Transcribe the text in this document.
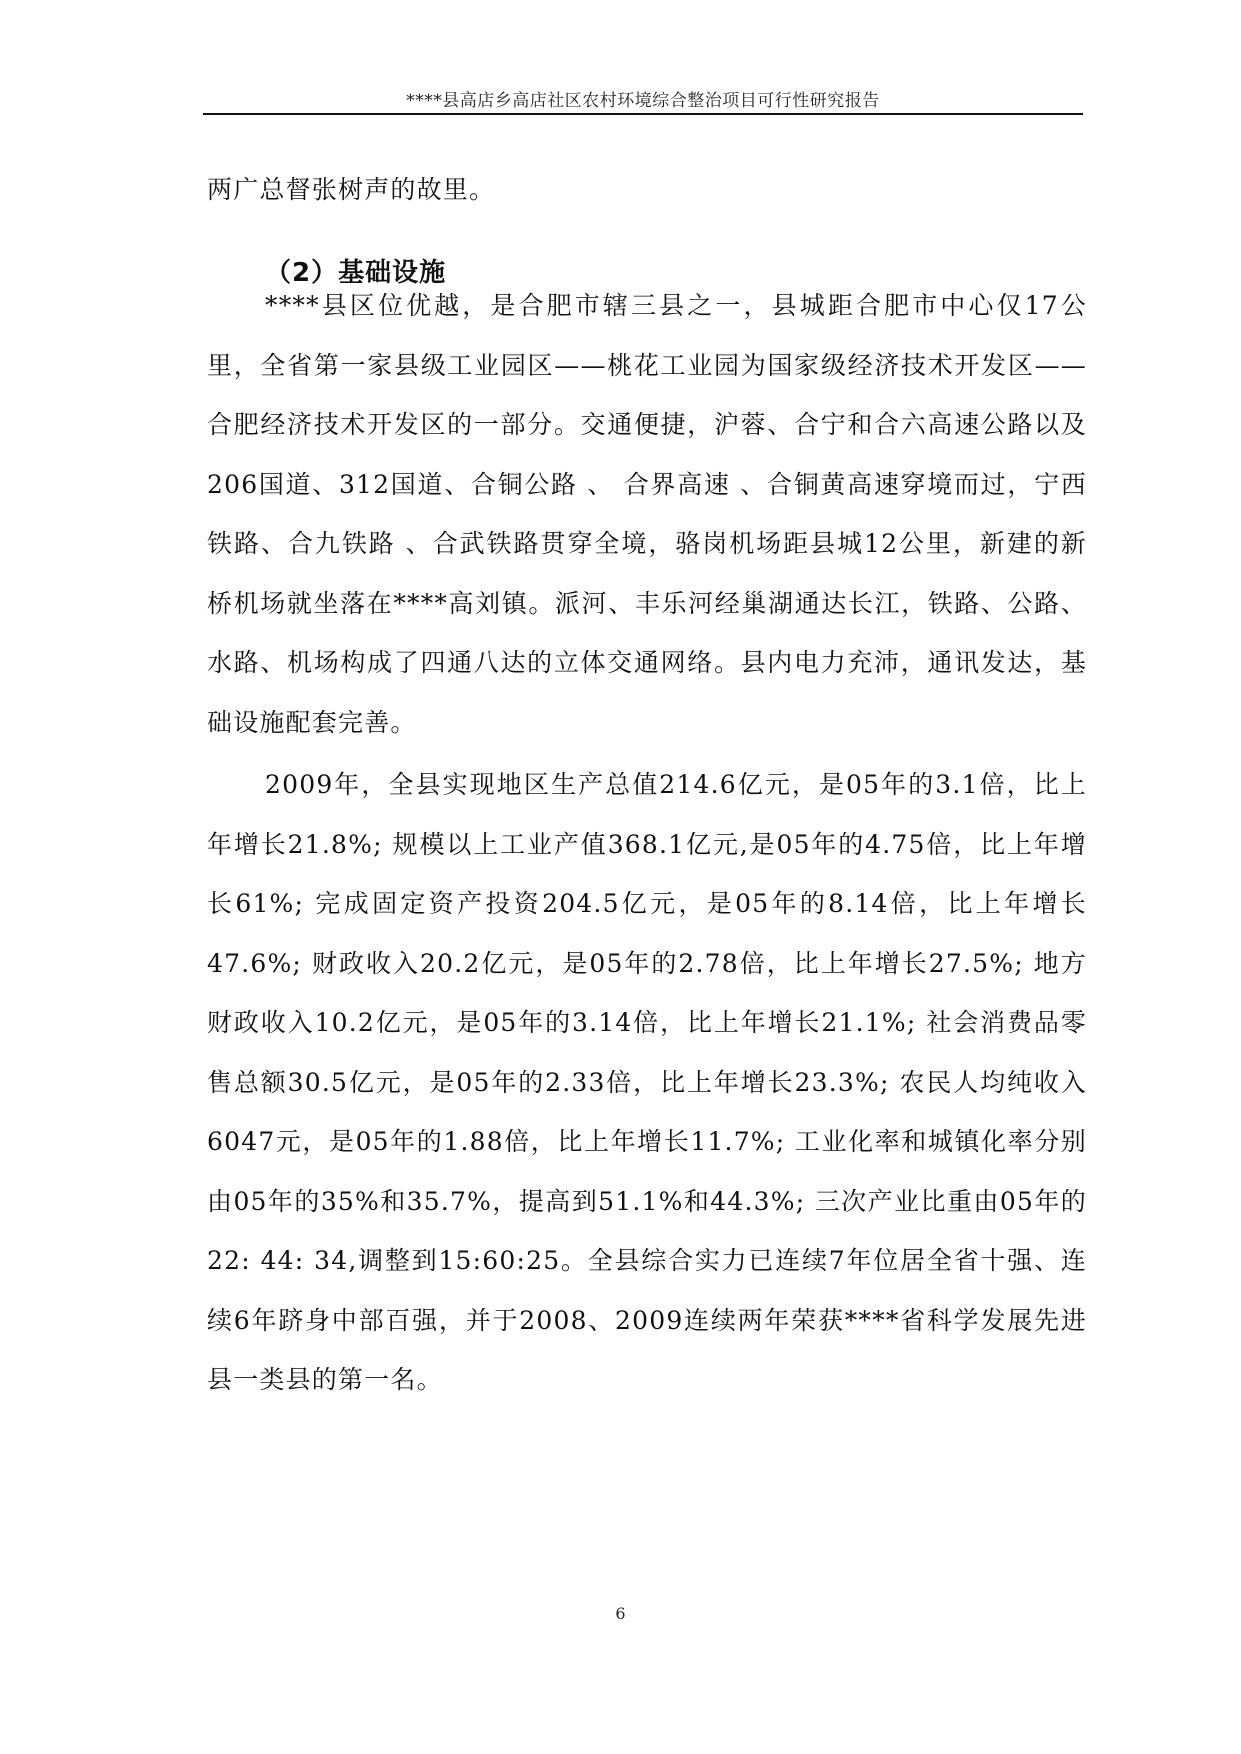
****县高店乡高店社区农村环境综合整治项目可行性研究报告

两广总督张树声的故里。

（2）基础设施

****县区位优越，是合肥市辖三县之一，县城距合肥市中心仅17公里，全省第一家县级工业园区——桃花工业园为国家级经济技术开发区——合肥经济技术开发区的一部分。交通便捷，沪蓉、合宁和合六高速公路以及206国道、312国道、合铜公路 、 合界高速 、合铜黄高速穿境而过，宁西铁路、合九铁路 、合武铁路贯穿全境，骆岗机场距县城12公里，新建的新桥机场就坐落在****高刘镇。派河、丰乐河经巢湖通达长江，铁路、公路、水路、机场构成了四通八达的立体交通网络。县内电力充沛，通讯发达，基础设施配套完善。

2009年，全县实现地区生产总值214.6亿元，是05年的3.1倍，比上年增长21.8%; 规模以上工业产值368.1亿元,是05年的4.75倍，比上年增长61%; 完成固定资产投资204.5亿元，是05年的8.14倍，比上年增长47.6%; 财政收入20.2亿元，是05年的2.78倍，比上年增长27.5%; 地方财政收入10.2亿元，是05年的3.14倍，比上年增长21.1%; 社会消费品零售总额30.5亿元，是05年的2.33倍，比上年增长23.3%; 农民人均纯收入6047元，是05年的1.88倍，比上年增长11.7%; 工业化率和城镇化率分别由05年的35%和35.7%，提高到51.1%和44.3%; 三次产业比重由05年的22: 44: 34,调整到15:60:25。全县综合实力已连续7年位居全省十强、连续6年跻身中部百强，并于2008、2009连续两年荣获****省科学发展先进县一类县的第一名。

6
